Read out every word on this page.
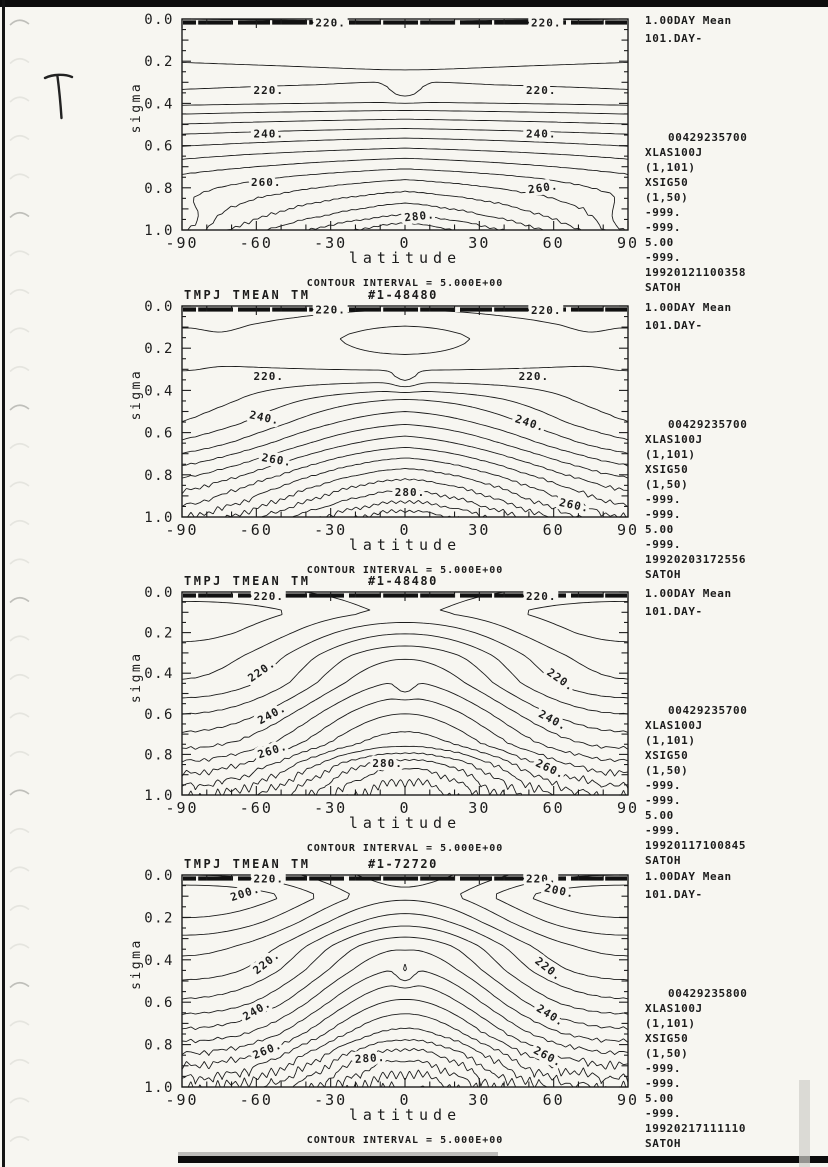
-90	-60	-30	0	30	60	90
0.0
0.2
0.4
0.6
0.8
1.0
latitude
sigma
220.	220.
220.	220.
240.	240.
260.	260.
280.
-90	-60	-30	0	30	60	90
0.0
0.2
0.4
0.6
0.8
1.0
latitude
sigma
220.	220.
220.	220.
240.	240.
260.
260.
280.
-90	-60	-30	0	30	60	90
0.0
0.2
0.4
0.6
0.8
1.0
latitude
sigma
220.	220.
220.	220.
240.	240.
260.
260.
280.
-90	-60	-30	0	30	60	90
0.0
0.2
0.4
0.6
0.8
1.0
latitude
sigma
220.	220.
200.	200.
220.	220.
240.	240.
260.	260.
280.
1.00DAY Mean
101.DAY-
00429235700
XLAS100J
(1,101)
XSIG50
(1,50)
-999.
-999.
5.00
-999.
19920121100358
SATOH
CONTOUR INTERVAL = 5.000E+00
TMPJ TMEAN TM	#1-48480
1.00DAY Mean
101.DAY-
00429235700
XLAS100J
(1,101)
XSIG50
(1,50)
-999.
-999.
5.00
-999.
19920203172556
SATOH
CONTOUR INTERVAL = 5.000E+00
TMPJ TMEAN TM	#1-48480
1.00DAY Mean
101.DAY-
00429235700
XLAS100J
(1,101)
XSIG50
(1,50)
-999.
-999.
5.00
-999.
19920117100845
SATOH
CONTOUR INTERVAL = 5.000E+00
TMPJ TMEAN TM	#1-72720
1.00DAY Mean
101.DAY-
00429235800
XLAS100J
(1,101)
XSIG50
(1,50)
-999.
-999.
5.00
-999.
19920217111110
SATOH
CONTOUR INTERVAL = 5.000E+00
